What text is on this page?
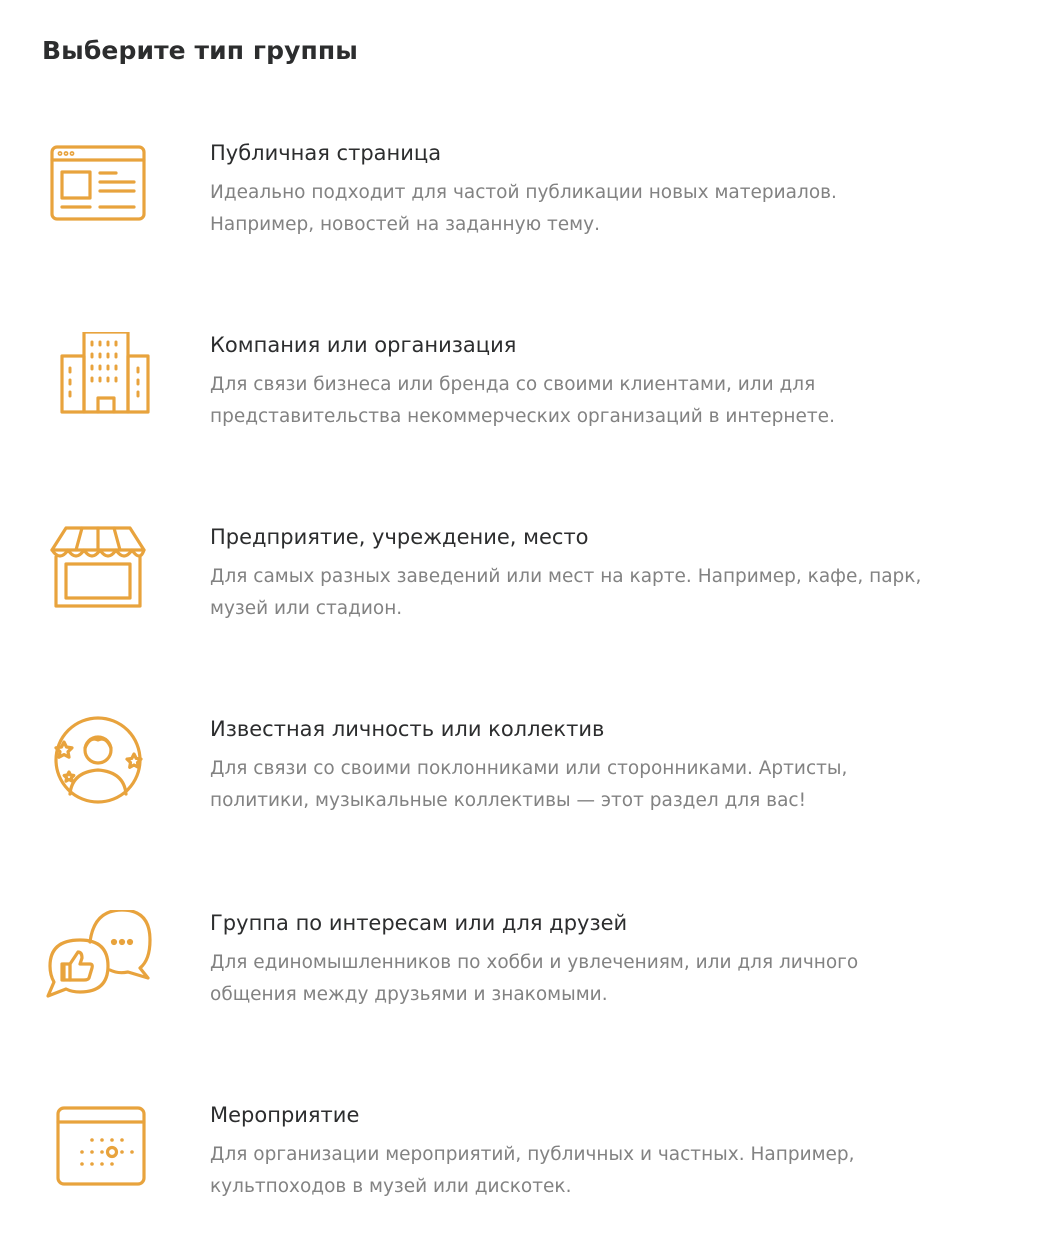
Выберите тип группы
Публичная страница
Идеально подходит для частой публикации новых материалов.
Например, новостей на заданную тему.
Компания или организация
Для связи бизнеса или бренда со своими клиентами, или для
представительства некоммерческих организаций в интернете.
Предприятие, учреждение, место
Для самых разных заведений или мест на карте. Например, кафе, парк,
музей или стадион.
Известная личность или коллектив
Для связи со своими поклонниками или сторонниками. Артисты,
политики, музыкальные коллективы — этот раздел для вас!
Группа по интересам или для друзей
Для единомышленников по хобби и увлечениям, или для личного
общения между друзьями и знакомыми.
Мероприятие
Для организации мероприятий, публичных и частных. Например,
культпоходов в музей или дискотек.
